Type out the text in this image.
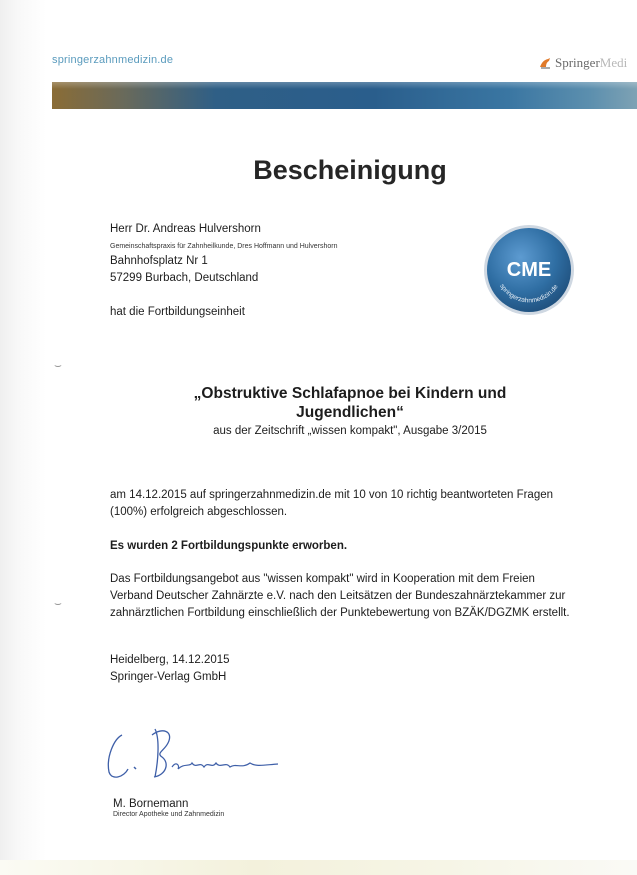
springerzahnmedizin.de	Springer Medi
Bescheinigung
Herr Dr. Andreas Hulvershorn
Gemeinschaftspraxis für Zahnheilkunde, Dres Hoffmann und Hulvershorn
Bahnhofsplatz Nr 1
57299 Burbach, Deutschland
hat die Fortbildungseinheit
CME
springerzahnmedizin.de
⌣
⌣
„Obstruktive Schlafapnoe bei Kindern und
Jugendlichen“
aus der Zeitschrift „wissen kompakt", Ausgabe 3/2015
am 14.12.2015 auf springerzahnmedizin.de mit 10 von 10 richtig beantworteten Fragen (100%) erfolgreich abgeschlossen.
Es wurden 2 Fortbildungspunkte erworben.
Das Fortbildungsangebot aus "wissen kompakt" wird in Kooperation mit dem Freien Verband Deutscher Zahnärzte e.V. nach den Leitsätzen der Bundeszahnärztekammer zur zahnärztlichen Fortbildung einschließlich der Punktebewertung von BZÄK/DGZMK erstellt.
Heidelberg, 14.12.2015
Springer-Verlag GmbH
M. Bornemann
Director Apotheke und Zahnmedizin
